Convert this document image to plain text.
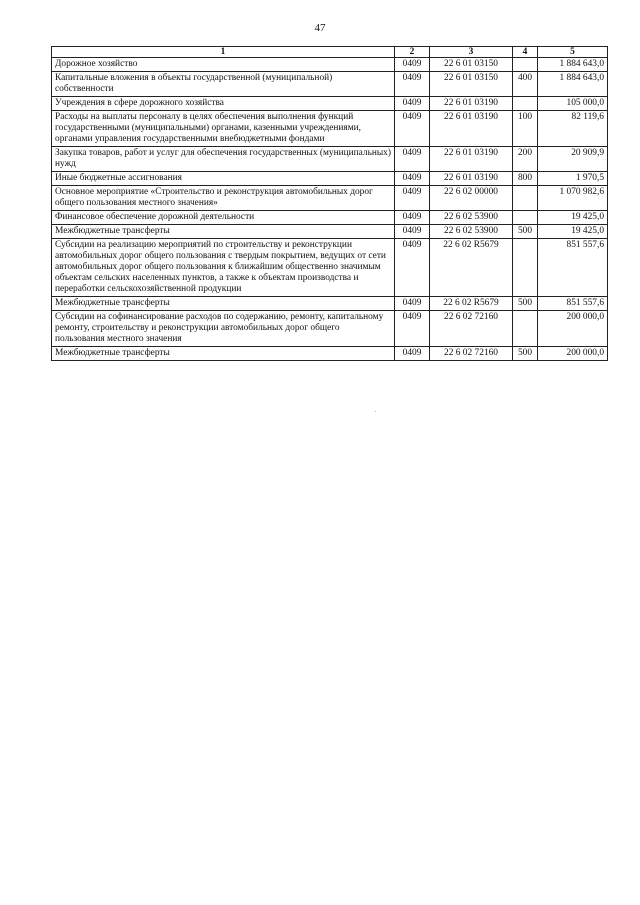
47
1	2	3	4	5
Дорожное хозяйство	0409	22 6 01 03150		1 884 643,0
Капитальные вложения в объекты государственной (муниципальной) собственности	0409	22 6 01 03150	400	1 884 643,0
Учреждения в сфере дорожного хозяйства	0409	22 6 01 03190		105 000,0
Расходы на выплаты персоналу в целях обеспечения выполнения функций государственными (муниципальными) органами, казенными учреждениями, органами управления государственными внебюджетными фондами	0409	22 6 01 03190	100	82 119,6
Закупка товаров, работ и услуг для обеспечения государственных (муниципальных) нужд	0409	22 6 01 03190	200	20 909,9
Иные бюджетные ассигнования	0409	22 6 01 03190	800	1 970,5
Основное мероприятие «Строительство и реконструкция автомобильных дорог общего пользования местного значения»	0409	22 6 02 00000		1 070 982,6
Финансовое обеспечение дорожной деятельности	0409	22 6 02 53900		19 425,0
Межбюджетные трансферты	0409	22 6 02 53900	500	19 425,0
Субсидии на реализацию мероприятий по строительству и реконструкции автомобильных дорог общего пользования с твердым покрытием, ведущих от сети автомобильных дорог общего пользования к ближайшим общественно значимым объектам сельских населенных пунктов, а также к объектам производства и переработки сельскохозяйственной продукции	0409	22 6 02 R5679		851 557,6
Межбюджетные трансферты	0409	22 6 02 R5679	500	851 557,6
Субсидии на софинансирование расходов по содержанию, ремонту, капитальному ремонту, строительству и реконструкции автомобильных дорог общего пользования местного значения	0409	22 6 02 72160		200 000,0
Межбюджетные трансферты	0409	22 6 02 72160	500	200 000,0
